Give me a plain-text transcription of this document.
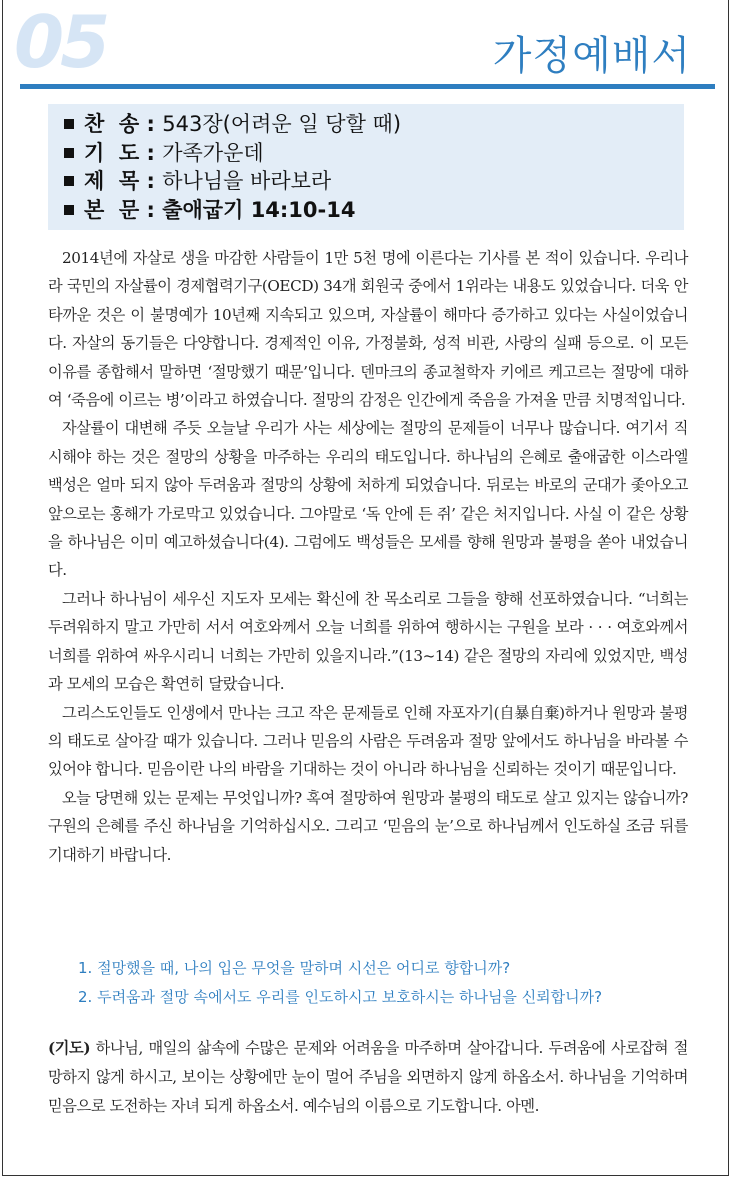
05	가정예배서
찬  송 : 543장(어려운 일 당할 때)
기  도 : 가족가운데
제  목 : 하나님을 바라보라
본  문 : 출애굽기 14:10-14

2014년에 자살로 생을 마감한 사람들이 1만 5천 명에 이른다는 기사를 본 적이 있습니다. 우리나라 국민의 자살률이 경제협력기구(OECD) 34개 회원국 중에서 1위라는 내용도 있었습니다. 더욱 안타까운 것은 이 불명예가 10년째 지속되고 있으며, 자살률이 해마다 증가하고 있다는 사실이었습니다. 자살의 동기들은 다양합니다. 경제적인 이유, 가정불화, 성적 비관, 사랑의 실패 등으로. 이 모든 이유를 종합해서 말하면 ‘절망했기 때문’입니다. 덴마크의 종교철학자 키에르 케고르는 절망에 대하여 ‘죽음에 이르는 병’이라고 하였습니다. 절망의 감정은 인간에게 죽음을 가져올 만큼 치명적입니다.

자살률이 대변해 주듯 오늘날 우리가 사는 세상에는 절망의 문제들이 너무나 많습니다. 여기서 직시해야 하는 것은 절망의 상황을 마주하는 우리의 태도입니다. 하나님의 은혜로 출애굽한 이스라엘 백성은 얼마 되지 않아 두려움과 절망의 상황에 처하게 되었습니다. 뒤로는 바로의 군대가 좇아오고 앞으로는 홍해가 가로막고 있었습니다. 그야말로 ‘독 안에 든 쥐’ 같은 처지입니다. 사실 이 같은 상황을 하나님은 이미 예고하셨습니다(4). 그럼에도 백성들은 모세를 향해 원망과 불평을 쏟아 내었습니다.

그러나 하나님이 세우신 지도자 모세는 확신에 찬 목소리로 그들을 향해 선포하였습니다. “너희는 두려워하지 말고 가만히 서서 여호와께서 오늘 너희를 위하여 행하시는 구원을 보라 · · · 여호와께서 너희를 위하여 싸우시리니 너희는 가만히 있을지니라.”(13~14) 같은 절망의 자리에 있었지만, 백성과 모세의 모습은 확연히 달랐습니다.

그리스도인들도 인생에서 만나는 크고 작은 문제들로 인해 자포자기(自暴自棄)하거나 원망과 불평의 태도로 살아갈 때가 있습니다. 그러나 믿음의 사람은 두려움과 절망 앞에서도 하나님을 바라볼 수 있어야 합니다. 믿음이란 나의 바람을 기대하는 것이 아니라 하나님을 신뢰하는 것이기 때문입니다.

오늘 당면해 있는 문제는 무엇입니까? 혹여 절망하여 원망과 불평의 태도로 살고 있지는 않습니까? 구원의 은혜를 주신 하나님을 기억하십시오. 그리고 ‘믿음의 눈’으로 하나님께서 인도하실 조금 뒤를 기대하기 바랍니다.

1. 절망했을 때, 나의 입은 무엇을 말하며 시선은 어디로 향합니까?
2. 두려움과 절망 속에서도 우리를 인도하시고 보호하시는 하나님을 신뢰합니까?
(기도) 하나님, 매일의 삶속에 수많은 문제와 어려움을 마주하며 살아갑니다. 두려움에 사로잡혀 절망하지 않게 하시고, 보이는 상황에만 눈이 멀어 주님을 외면하지 않게 하옵소서. 하나님을 기억하며 믿음으로 도전하는 자녀 되게 하옵소서. 예수님의 이름으로 기도합니다. 아멘.
